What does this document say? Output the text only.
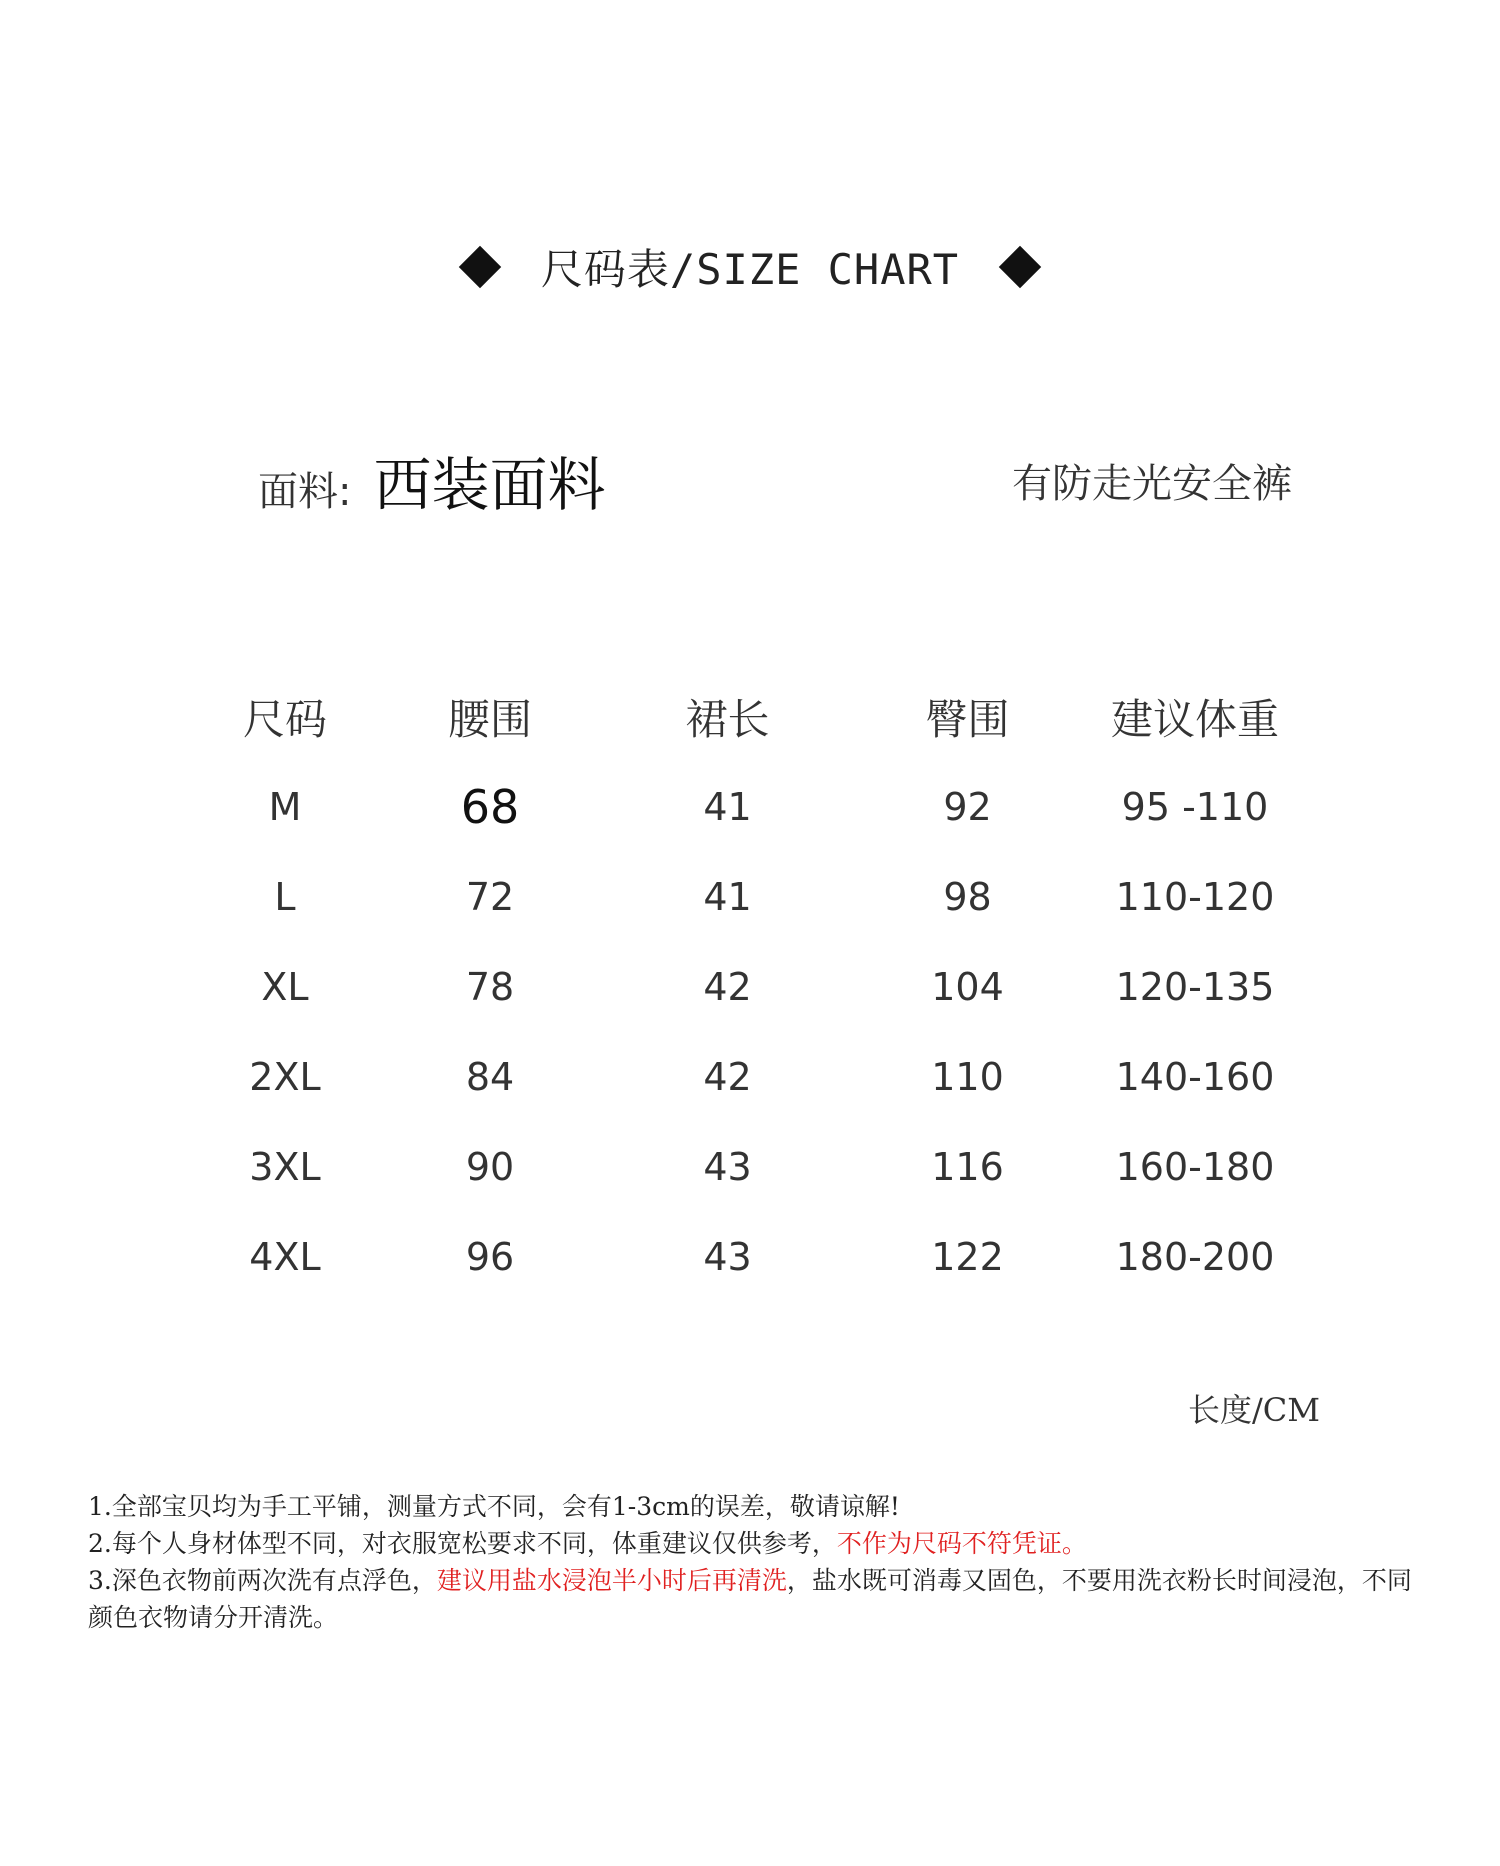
尺码表/SIZE CHART
面料: 西装面料	有防走光安全裤
尺码	腰围	裙长	臀围	建议体重
M	68	41	92	95 -110
L	72	41	98	110-120
XL	78	42	104	120-135
2XL	84	42	110	140-160
3XL	90	43	116	160-180
4XL	96	43	122	180-200
长度/CM

1.全部宝贝均为手工平铺，测量方式不同，会有1-3cm的误差，敬请谅解!

2.每个人身材体型不同，对衣服宽松要求不同，体重建议仅供参考，不作为尺码不符凭证。

3.深色衣物前两次洗有点浮色，建议用盐水浸泡半小时后再清洗，盐水既可消毒又固色，不要用洗衣粉长时间浸泡，不同颜色衣物请分开清洗。
